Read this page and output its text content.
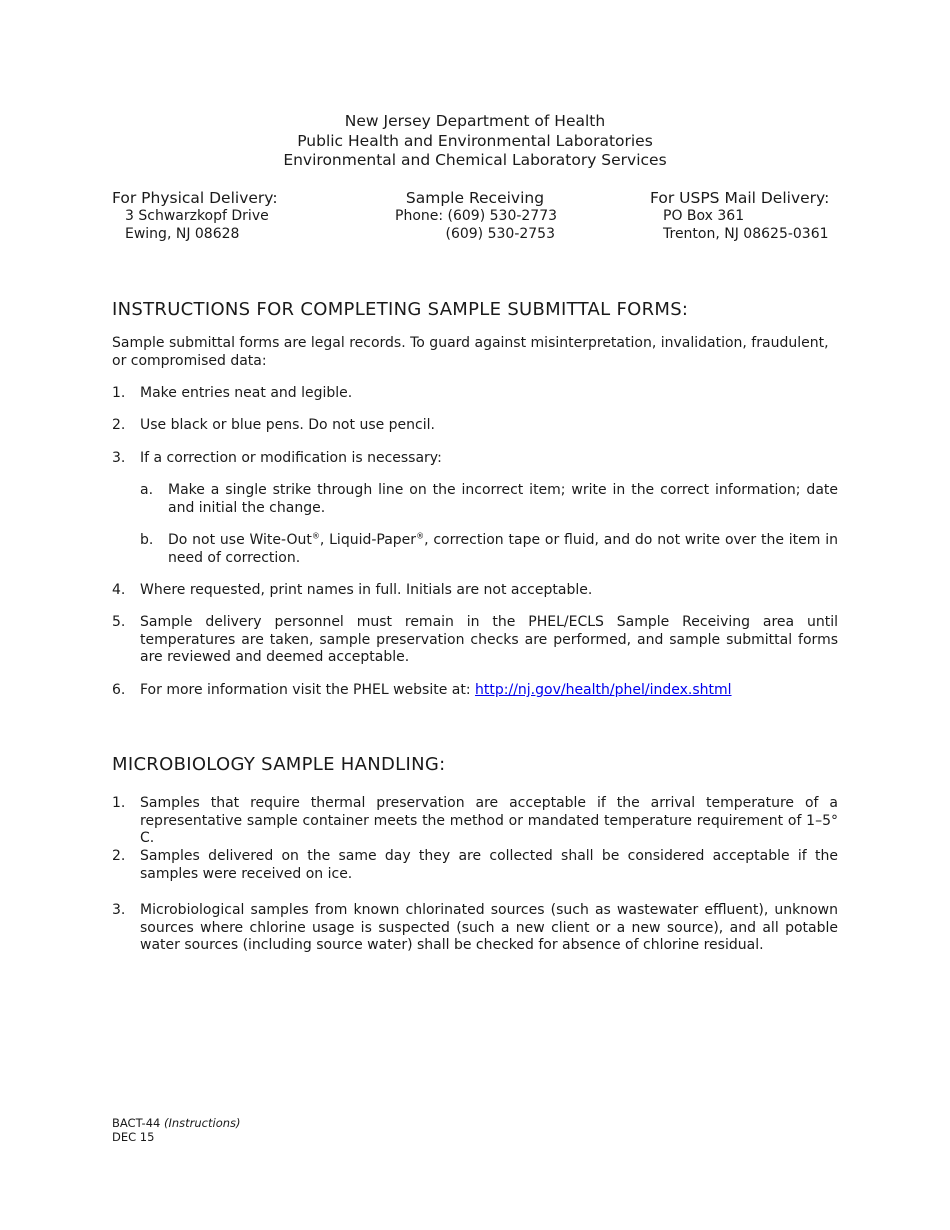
New Jersey Department of Health
Public Health and Environmental Laboratories
Environmental and Chemical Laboratory Services
For Physical Delivery:
3 Schwarzkopf Drive
Ewing, NJ 08628
Sample Receiving
Phone: (609) 530-2773
(609) 530-2753
For USPS Mail Delivery:
PO Box 361
Trenton, NJ 08625-0361
INSTRUCTIONS FOR COMPLETING SAMPLE SUBMITTAL FORMS:
Sample submittal forms are legal records. To guard against misinterpretation, invalidation, fraudulent, or compromised data:
1. Make entries neat and legible.
2. Use black or blue pens. Do not use pencil.
3. If a correction or modification is necessary:
a. Make a single strike through line on the incorrect item; write in the correct information; date and initial the change.
b. Do not use Wite-Out®, Liquid-Paper®, correction tape or fluid, and do not write over the item in need of correction.
4. Where requested, print names in full. Initials are not acceptable.
5. Sample delivery personnel must remain in the PHEL/ECLS Sample Receiving area until temperatures are taken, sample preservation checks are performed, and sample submittal forms are reviewed and deemed acceptable.
6. For more information visit the PHEL website at: http://nj.gov/health/phel/index.shtml
MICROBIOLOGY SAMPLE HANDLING:
1. Samples that require thermal preservation are acceptable if the arrival temperature of a representative sample container meets the method or mandated temperature requirement of 1–5° C.
2. Samples delivered on the same day they are collected shall be considered acceptable if the samples were received on ice.
3. Microbiological samples from known chlorinated sources (such as wastewater effluent), unknown sources where chlorine usage is suspected (such a new client or a new source), and all potable water sources (including source water) shall be checked for absence of chlorine residual.
BACT-44 (Instructions)
DEC 15
